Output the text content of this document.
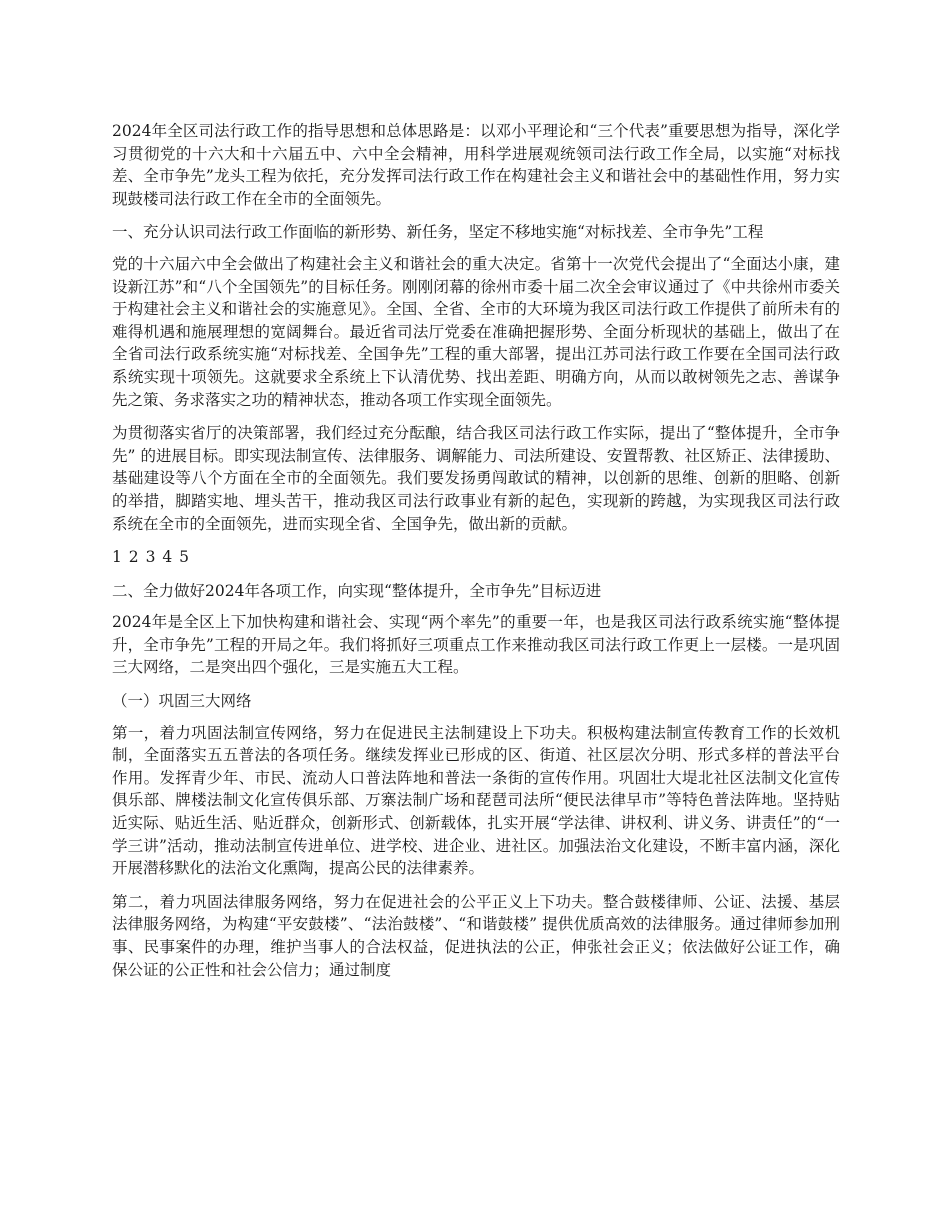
2024年全区司法行政工作的指导思想和总体思路是：以邓小平理论和“三个代表”重要思想为指导，深化学习贯彻党的十六大和十六届五中、六中全会精神，用科学进展观统领司法行政工作全局，以实施“对标找差、全市争先”龙头工程为依托，充分发挥司法行政工作在构建社会主义和谐社会中的基础性作用，努力实现鼓楼司法行政工作在全市的全面领先。

一、充分认识司法行政工作面临的新形势、新任务，坚定不移地实施“对标找差、全市争先”工程

党的十六届六中全会做出了构建社会主义和谐社会的重大决定。省第十一次党代会提出了“全面达小康，建设新江苏”和“八个全国领先”的目标任务。刚刚闭幕的徐州市委十届二次全会审议通过了《中共徐州市委关于构建社会主义和谐社会的实施意见》。全国、全省、全市的大环境为我区司法行政工作提供了前所未有的难得机遇和施展理想的宽阔舞台。最近省司法厅党委在准确把握形势、全面分析现状的基础上，做出了在全省司法行政系统实施“对标找差、全国争先”工程的重大部署，提出江苏司法行政工作要在全国司法行政系统实现十项领先。这就要求全系统上下认清优势、找出差距、明确方向，从而以敢树领先之志、善谋争先之策、务求落实之功的精神状态，推动各项工作实现全面领先。

为贯彻落实省厅的决策部署，我们经过充分酝酿，结合我区司法行政工作实际，提出了“整体提升，全市争先” 的进展目标。即实现法制宣传、法律服务、调解能力、司法所建设、安置帮教、社区矫正、法律援助、基础建设等八个方面在全市的全面领先。我们要发扬勇闯敢试的精神，以创新的思维、创新的胆略、创新的举措，脚踏实地、埋头苦干，推动我区司法行政事业有新的起色，实现新的跨越，为实现我区司法行政系统在全市的全面领先，进而实现全省、全国争先，做出新的贡献。

1 2 3 4 5

二、全力做好2024年各项工作，向实现“整体提升，全市争先”目标迈进

2024年是全区上下加快构建和谐社会、实现“两个率先”的重要一年，也是我区司法行政系统实施“整体提升，全市争先”工程的开局之年。我们将抓好三项重点工作来推动我区司法行政工作更上一层楼。一是巩固三大网络，二是突出四个强化，三是实施五大工程。

（一）巩固三大网络

第一，着力巩固法制宣传网络，努力在促进民主法制建设上下功夫。积极构建法制宣传教育工作的长效机制，全面落实五五普法的各项任务。继续发挥业已形成的区、街道、社区层次分明、形式多样的普法平台作用。发挥青少年、市民、流动人口普法阵地和普法一条街的宣传作用。巩固壮大堤北社区法制文化宣传俱乐部、牌楼法制文化宣传俱乐部、万寨法制广场和琵琶司法所“便民法律早市”等特色普法阵地。坚持贴近实际、贴近生活、贴近群众，创新形式、创新载体，扎实开展“学法律、讲权利、讲义务、讲责任”的“一学三讲”活动，推动法制宣传进单位、进学校、进企业、进社区。加强法治文化建设，不断丰富内涵，深化开展潜移默化的法治文化熏陶，提高公民的法律素养。

第二，着力巩固法律服务网络，努力在促进社会的公平正义上下功夫。整合鼓楼律师、公证、法援、基层法律服务网络，为构建“平安鼓楼”、“法治鼓楼”、“和谐鼓楼” 提供优质高效的法律服务。通过律师参加刑事、民事案件的办理，维护当事人的合法权益，促进执法的公正，伸张社会正义；依法做好公证工作，确保公证的公正性和社会公信力；通过制度
